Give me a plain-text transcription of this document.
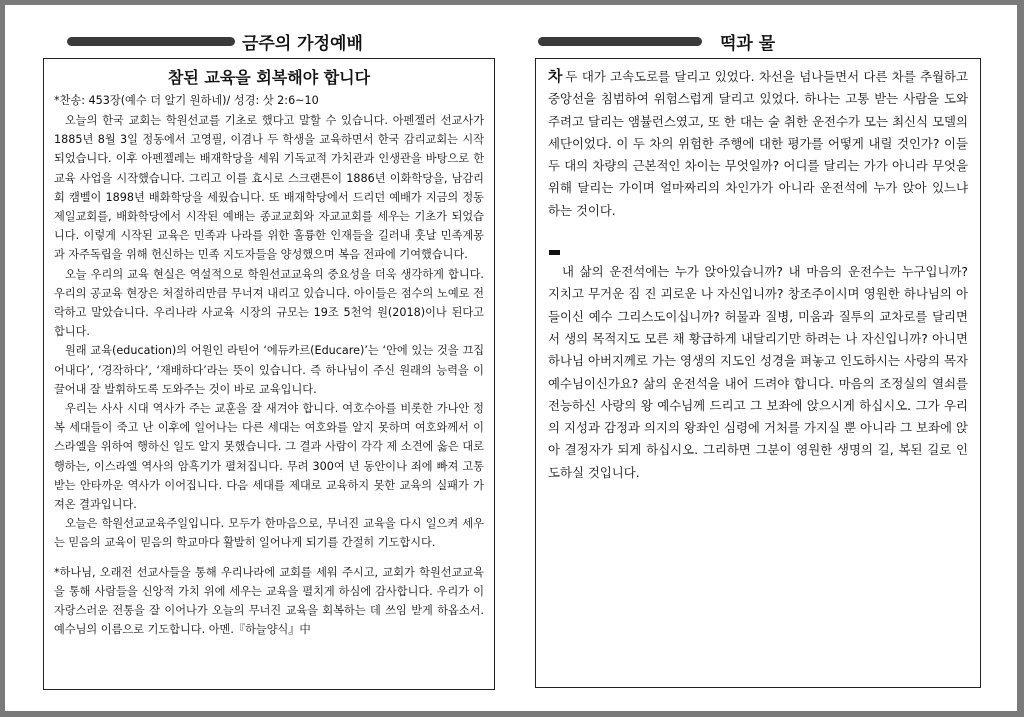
금주의 가정예배	떡과 물
참된 교육을 회복해야 합니다
*찬송: 453장(예수 더 알기 원하네)/ 성경: 삿 2:6~10

오늘의 한국 교회는 학원선교를 기초로 했다고 말할 수 있습니다. 아펜젤러 선교사가 1885년 8월 3일 정동에서 고영필, 이겸나 두 학생을 교육하면서 한국 감리교회는 시작되었습니다. 이후 아펜젤레는 배재학당을 세워 기독교적 가치관과 인생관을 바탕으로 한 교육 사업을 시작했습니다. 그리고 이를 효시로 스크랜튼이 1886년 이화학당을, 남감리회 캠벨이 1898년 배화학당을 세웠습니다. 또 배재학당에서 드리던 예배가 지금의 정동제일교회를, 배화학당에서 시작된 예배는 종교교회와 자교교회를 세우는 기초가 되었습니다. 이렇게 시작된 교육은 민족과 나라를 위한 훌륭한 인재들을 길러내 훗날 민족계몽과 자주독립을 위해 헌신하는 민족 지도자들을 양성했으며 복음 전파에 기여했습니다.

오늘 우리의 교육 현실은 역설적으로 학원선교교육의 중요성을 더욱 생각하게 합니다. 우리의 공교육 현장은 처절하리만큼 무너져 내리고 있습니다. 아이들은 점수의 노예로 전락하고 말았습니다. 우리나라 사교육 시장의 규모는 19조 5천억 원(2018)이나 된다고 합니다.

원래 교육(education)의 어원인 라틴어 ‘에듀카르(Educare)’는 ‘안에 있는 것을 끄집어내다’, ‘경작하다’, ‘재배하다’라는 뜻이 있습니다. 즉 하나님이 주신 원래의 능력을 이끌어내 잘 발휘하도록 도와주는 것이 바로 교육입니다.

우리는 사사 시대 역사가 주는 교훈을 잘 새겨야 합니다. 여호수아를 비롯한 가나안 정복 세대들이 죽고 난 이후에 일어나는 다른 세대는 여호와를 알지 못하며 여호와께서 이스라엘을 위하여 행하신 일도 알지 못했습니다. 그 결과 사람이 각각 제 소견에 옳은 대로 행하는, 이스라엘 역사의 암흑기가 펼쳐집니다. 무려 300여 년 동안이나 죄에 빠져 고통 받는 안타까운 역사가 이어집니다. 다음 세대를 제대로 교육하지 못한 교육의 실패가 가져온 결과입니다.

오늘은 학원선교교육주일입니다. 모두가 한마음으로, 무너진 교육을 다시 일으켜 세우는 믿음의 교육이 믿음의 학교마다 활발히 일어나게 되기를 간절히 기도합시다.

*하나님, 오래전 선교사들을 통해 우리나라에 교회를 세워 주시고, 교회가 학원선교교육을 통해 사람들을 신앙적 가치 위에 세우는 교육을 펼치게 하심에 감사합니다. 우리가 이 자랑스러운 전통을 잘 이어나가 오늘의 무너진 교육을 회복하는 데 쓰임 받게 하옵소서. 예수님의 이름으로 기도합니다. 아멘.『하늘양식』中

차 두 대가 고속도로를 달리고 있었다. 차선을 넘나들면서 다른 차를 추월하고 중앙선을 침범하여 위험스럽게 달리고 있었다. 하나는 고통 받는 사람을 도와주려고 달리는 앰뷸런스였고, 또 한 대는 술 취한 운전수가 모는 최신식 모델의 세단이었다. 이 두 차의 위험한 주행에 대한 평가를 어떻게 내릴 것인가? 이들 두 대의 차량의 근본적인 차이는 무엇일까? 어디를 달리는 가가 아니라 무엇을 위해 달리는 가이며 얼마짜리의 차인가가 아니라 운전석에 누가 앉아 있느냐 하는 것이다.

내 삶의 운전석에는 누가 앉아있습니까? 내 마음의 운전수는 누구입니까? 지치고 무거운 짐 진 괴로운 나 자신입니까? 창조주이시며 영원한 하나님의 아들이신 예수 그리스도이십니까? 허물과 질병, 미움과 질투의 교차로를 달리면서 생의 목적지도 모른 채 황급하게 내달리기만 하려는 나 자신입니까? 아니면 하나님 아버지께로 가는 영생의 지도인 성경을 펴놓고 인도하시는 사랑의 목자 예수님이신가요? 삶의 운전석을 내어 드려야 합니다. 마음의 조정실의 열쇠를 전능하신 사랑의 왕 예수님께 드리고 그 보좌에 앉으시게 하십시오. 그가 우리의 지성과 감정과 의지의 왕좌인 심령에 거처를 가지실 뿐 아니라 그 보좌에 앉아 결정자가 되게 하십시오. 그리하면 그분이 영원한 생명의 길, 복된 길로 인도하실 것입니다.
